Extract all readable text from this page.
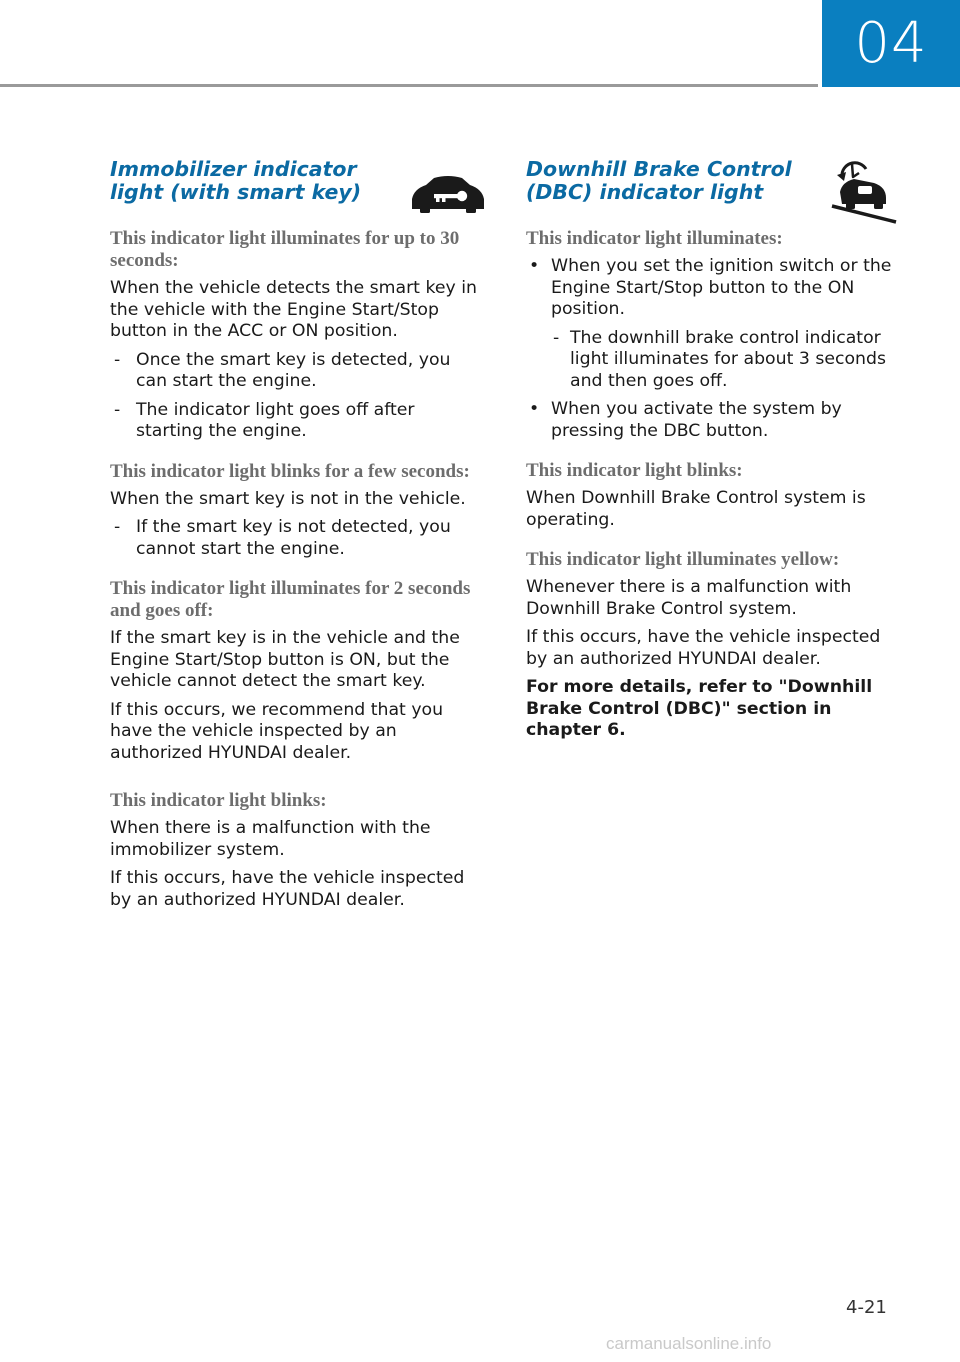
04
Immobilizer indicator light (with smart key)
This indicator light illuminates for up to 30 seconds:

When the vehicle detects the smart key in the vehicle with the Engine Start/Stop button in the ACC or ON position.

- Once the smart key is detected, you can start the engine.
- The indicator light goes off after starting the engine.
This indicator light blinks for a few seconds:

When the smart key is not in the vehicle.

- If the smart key is not detected, you cannot start the engine.
This indicator light illuminates for 2 seconds and goes off:

If the smart key is in the vehicle and the Engine Start/Stop button is ON, but the vehicle cannot detect the smart key.

If this occurs, we recommend that you have the vehicle inspected by an authorized HYUNDAI dealer.

This indicator light blinks:

When there is a malfunction with the immobilizer system.

If this occurs, have the vehicle inspected by an authorized HYUNDAI dealer.

Downhill Brake Control (DBC) indicator light
This indicator light illuminates:
• When you set the ignition switch or the Engine Start/Stop button to the ON position.
- The downhill brake control indicator light illuminates for about 3 seconds and then goes off.
• When you activate the system by pressing the DBC button.
This indicator light blinks:

When Downhill Brake Control system is operating.

This indicator light illuminates yellow:

Whenever there is a malfunction with Downhill Brake Control system.

If this occurs, have the vehicle inspected by an authorized HYUNDAI dealer.

For more details, refer to "Downhill Brake Control (DBC)" section in chapter 6.

4-21
carmanualsonline.info
